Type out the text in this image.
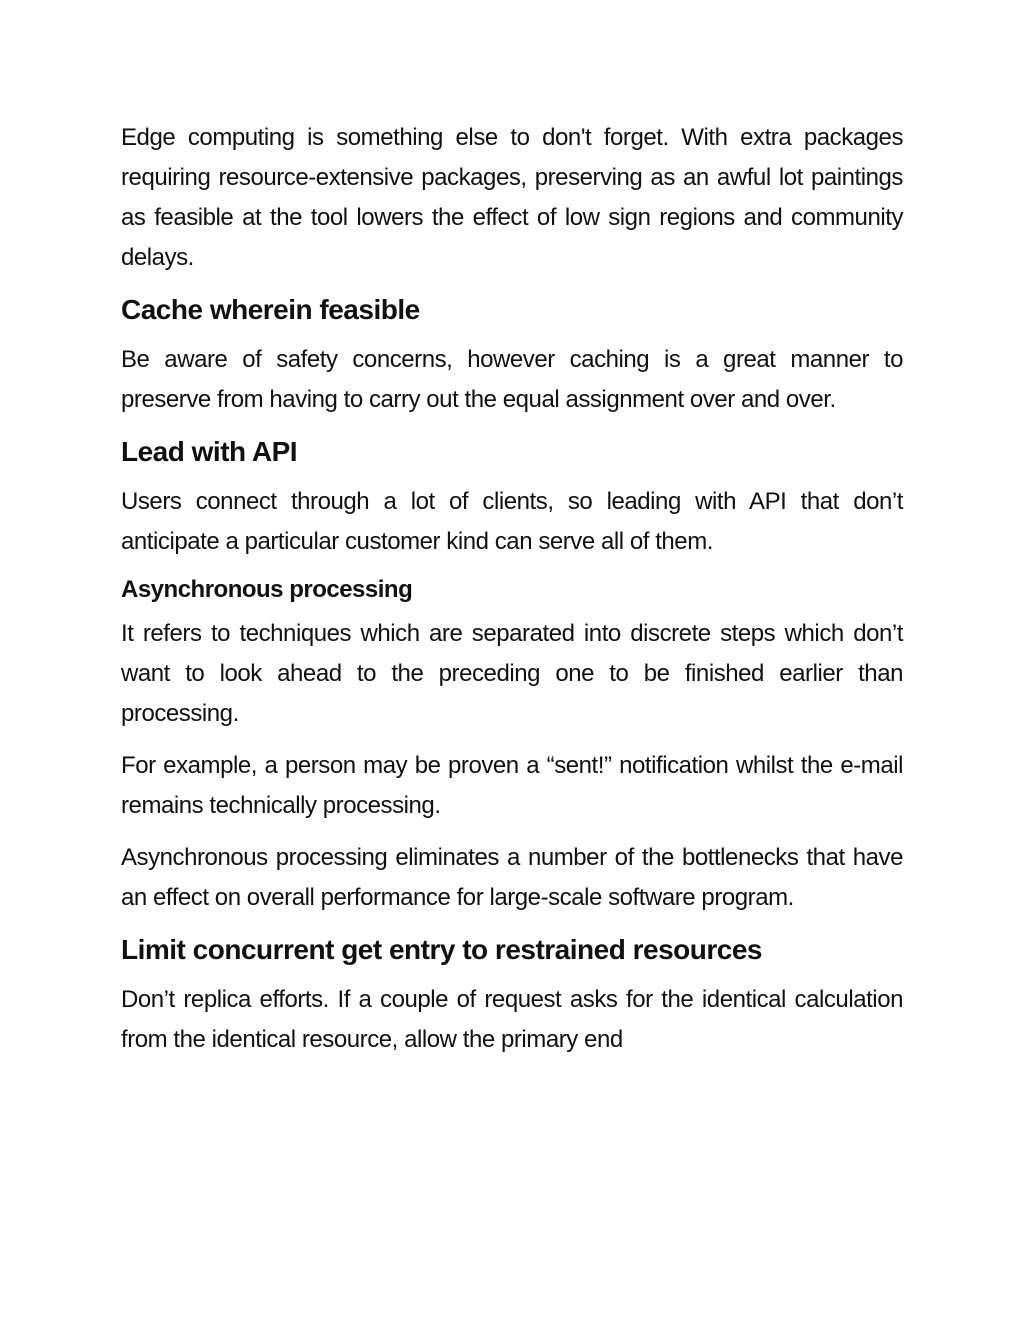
Edge computing is something else to don't forget. With extra packages requiring resource-extensive packages, preserving as an awful lot paintings as feasible at the tool lowers the effect of low sign regions and community delays.

Cache wherein feasible

Be aware of safety concerns, however caching is a great manner to preserve from having to carry out the equal assignment over and over.

Lead with API

Users connect through a lot of clients, so leading with API that don’t anticipate a particular customer kind can serve all of them.

Asynchronous processing

It refers to techniques which are separated into discrete steps which don’t want to look ahead to the preceding one to be finished earlier than processing.

For example, a person may be proven a “sent!” notification whilst the e-mail remains technically processing.

Asynchronous processing eliminates a number of the bottlenecks that have an effect on overall performance for large-scale software program.

Limit concurrent get entry to restrained resources

Don’t replica efforts. If a couple of request asks for the identical calculation from the identical resource, allow the primary end
